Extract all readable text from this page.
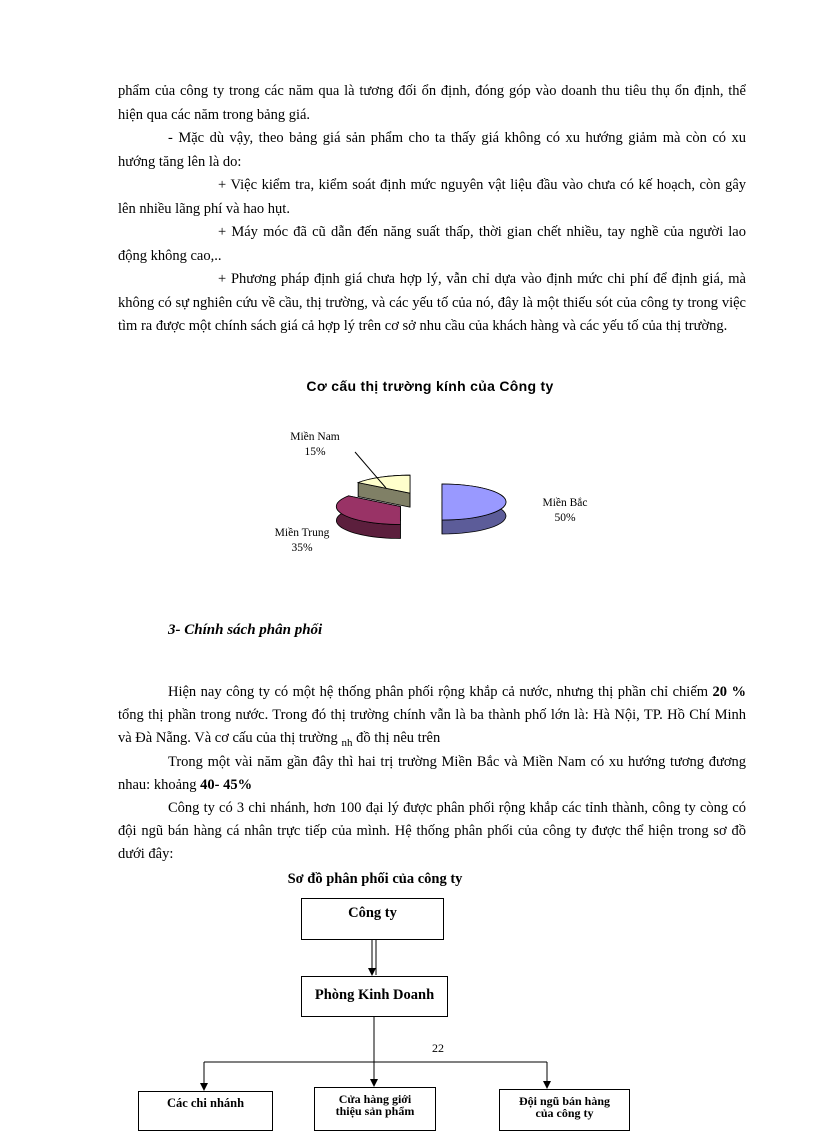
phẩm của công ty trong các năm qua là tương đối ổn định, đóng góp vào doanh thu tiêu thụ ổn định, thể hiện qua các năm trong bảng giá.

- Mặc dù vậy, theo bảng giá sản phẩm cho ta thấy giá không có xu hướng giảm mà còn có xu hướng tăng lên là do:

+ Việc kiểm tra, kiểm soát định mức nguyên vật liệu đầu vào chưa có kế hoạch, còn gây lên nhiều lãng phí và hao hụt.

+ Máy móc đã cũ dẫn đến năng suất thấp, thời gian chết nhiều, tay nghề của người lao động không cao,..

+ Phương pháp định giá chưa hợp lý, vẫn chỉ dựa vào định mức chi phí để định giá, mà không có sự nghiên cứu về cầu, thị trường, và các yếu tố của nó, đây là một thiếu sót của công ty trong việc tìm ra được một chính sách giá cả hợp lý trên cơ sở nhu cầu của khách hàng và các yếu tố của thị trường.

Cơ cấu thị trường kính của Công ty
Miền Nam
15%
Miền Bắc
50%
Miền Trung
35%
3- Chính sách phân phối

Hiện nay công ty có một hệ thống phân phối rộng khắp cả nước, nhưng thị phần chỉ chiếm 20 % tổng thị phần trong nước. Trong đó thị trường chính vẫn là ba thành phố lớn là: Hà Nội, TP. Hồ Chí Minh và Đà Nẵng. Và cơ cấu của thị trường $_{nh}$ đồ thị nêu trên

Trong một vài năm gần đây thì hai trị trường Miền Bắc và Miền Nam có xu hướng tương đương nhau: khoảng 40- 45%

Công ty có 3 chi nhánh, hơn 100 đại lý được phân phối rộng khắp các tỉnh thành, công ty còng có đội ngũ bán hàng cá nhân trực tiếp của mình. Hệ thống phân phối của công ty được thể hiện trong sơ đồ dưới đây:

Sơ đồ phân phối của công ty
Công ty
Phòng Kinh Doanh
Các chi nhánh	Cửa hàng giới
thiệu sản phẩm
Đội ngũ bán hàng
của công ty
22
